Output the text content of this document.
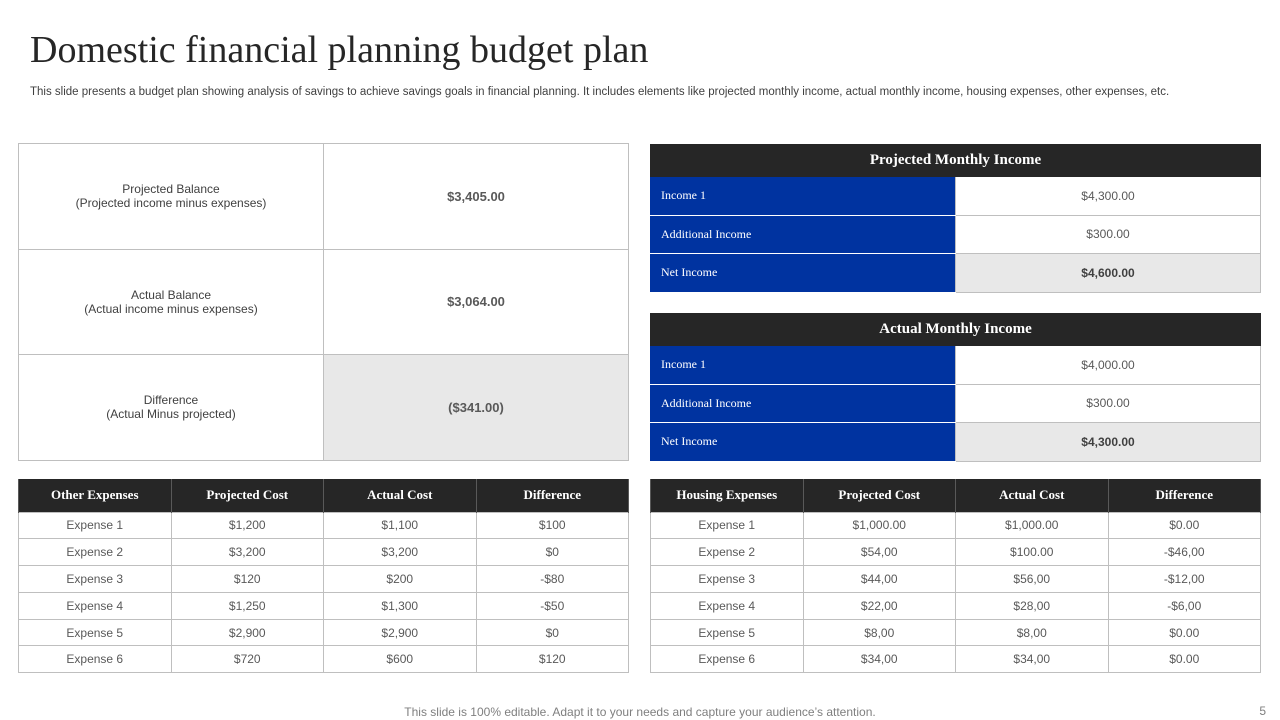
Domestic financial planning budget plan

This slide presents a budget plan showing analysis of savings to achieve savings goals in financial planning. It includes elements like projected monthly income, actual monthly income, housing expenses, other expenses, etc.

Projected Balance
(Projected income minus expenses)	$3,405.00

Actual Balance
(Actual income minus expenses)	$3,064.00

Difference
(Actual Minus projected)	($341.00)
Projected Monthly Income	
Income 1	$4,300.00
Additional Income	$300.00
Net Income	$4,600.00
Actual Monthly Income	
Income 1	$4,000.00
Additional Income	$300.00
Net Income	$4,300.00
Other Expenses	Projected Cost	Actual Cost	Difference
Expense 1	$1,200	$1,100	$100
Expense 2	$3,200	$3,200	$0
Expense 3	$120	$200	-$80
Expense 4	$1,250	$1,300	-$50
Expense 5	$2,900	$2,900	$0
Expense 6	$720	$600	$120
Housing Expenses	Projected Cost	Actual Cost	Difference
Expense 1	$1,000.00	$1,000.00	$0.00
Expense 2	$54,00	$100.00	-$46,00
Expense 3	$44,00	$56,00	-$12,00
Expense 4	$22,00	$28,00	-$6,00
Expense 5	$8,00	$8,00	$0.00
Expense 6	$34,00	$34,00	$0.00
This slide is 100% editable. Adapt it to your needs and capture your audience’s attention.	5
